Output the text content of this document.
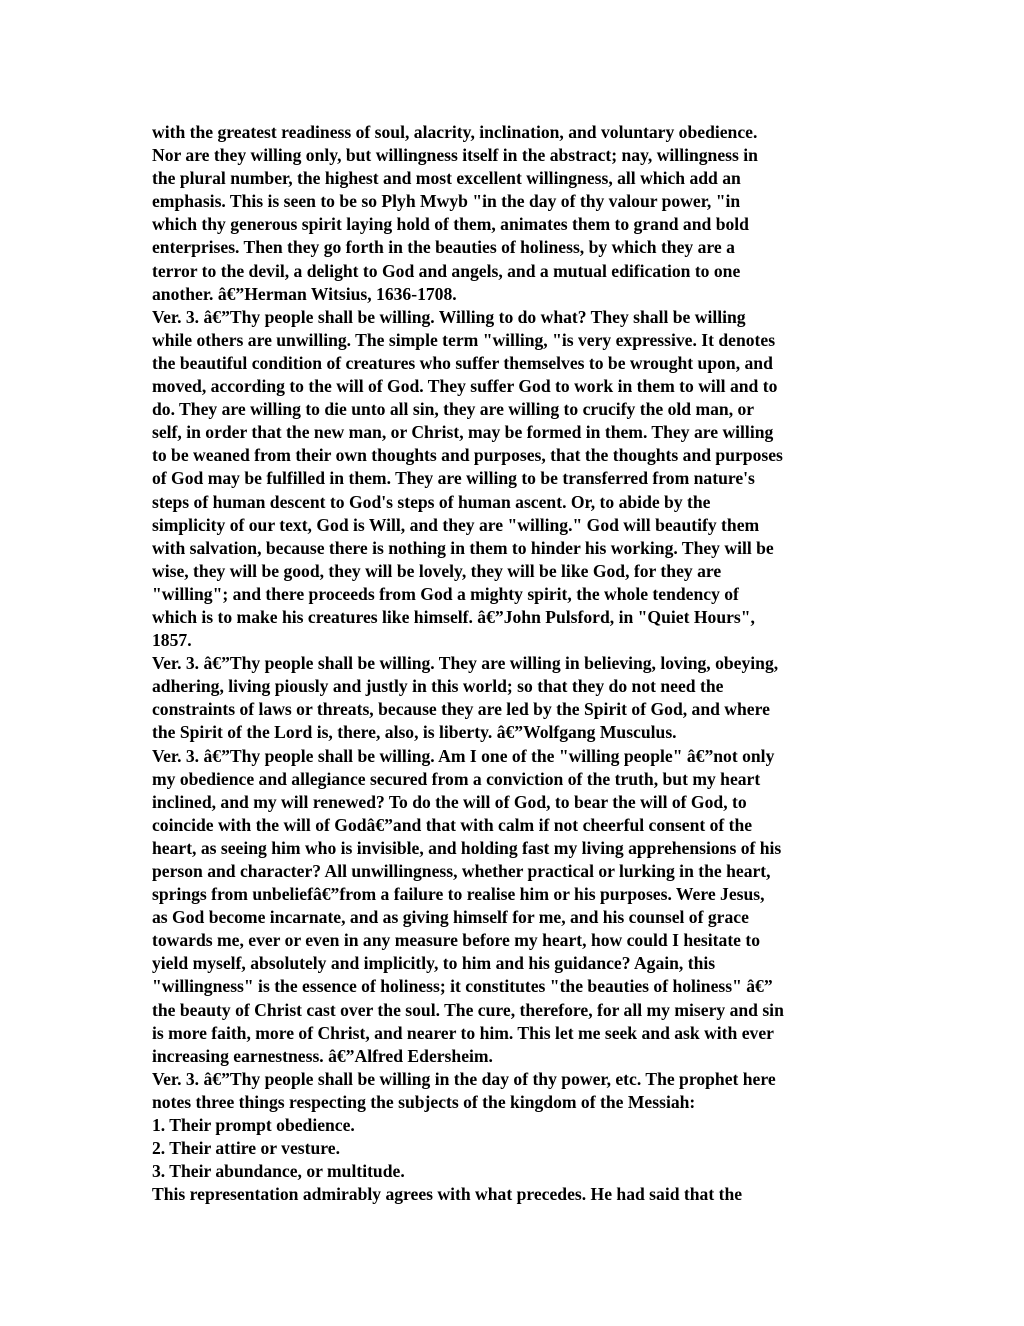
with the greatest readiness of soul, alacrity, inclination, and voluntary obedience.
Nor are they willing only, but willingness itself in the abstract; nay, willingness in
the plural number, the highest and most excellent willingness, all which add an
emphasis. This is seen to be so Plyh Mwyb "in the day of thy valour power, "in
which thy generous spirit laying hold of them, animates them to grand and bold
enterprises. Then they go forth in the beauties of holiness, by which they are a
terror to the devil, a delight to God and angels, and a mutual edification to one
another. â€”Herman Witsius, 1636-1708.
Ver. 3. â€”Thy people shall be willing. Willing to do what? They shall be willing
while others are unwilling. The simple term "willing, "is very expressive. It denotes
the beautiful condition of creatures who suffer themselves to be wrought upon, and
moved, according to the will of God. They suffer God to work in them to will and to
do. They are willing to die unto all sin, they are willing to crucify the old man, or
self, in order that the new man, or Christ, may be formed in them. They are willing
to be weaned from their own thoughts and purposes, that the thoughts and purposes
of God may be fulfilled in them. They are willing to be transferred from nature's
steps of human descent to God's steps of human ascent. Or, to abide by the
simplicity of our text, God is Will, and they are "willing." God will beautify them
with salvation, because there is nothing in them to hinder his working. They will be
wise, they will be good, they will be lovely, they will be like God, for they are
"willing"; and there proceeds from God a mighty spirit, the whole tendency of
which is to make his creatures like himself. â€”John Pulsford, in "Quiet Hours",
1857.
Ver. 3. â€”Thy people shall be willing. They are willing in believing, loving, obeying,
adhering, living piously and justly in this world; so that they do not need the
constraints of laws or threats, because they are led by the Spirit of God, and where
the Spirit of the Lord is, there, also, is liberty. â€”Wolfgang Musculus.
Ver. 3. â€”Thy people shall be willing. Am I one of the "willing people" â€”not only
my obedience and allegiance secured from a conviction of the truth, but my heart
inclined, and my will renewed? To do the will of God, to bear the will of God, to
coincide with the will of Godâ€”and that with calm if not cheerful consent of the
heart, as seeing him who is invisible, and holding fast my living apprehensions of his
person and character? All unwillingness, whether practical or lurking in the heart,
springs from unbeliefâ€”from a failure to realise him or his purposes. Were Jesus,
as God become incarnate, and as giving himself for me, and his counsel of grace
towards me, ever or even in any measure before my heart, how could I hesitate to
yield myself, absolutely and implicitly, to him and his guidance? Again, this
"willingness" is the essence of holiness; it constitutes "the beauties of holiness" â€”
the beauty of Christ cast over the soul. The cure, therefore, for all my misery and sin
is more faith, more of Christ, and nearer to him. This let me seek and ask with ever
increasing earnestness. â€”Alfred Edersheim.
Ver. 3. â€”Thy people shall be willing in the day of thy power, etc. The prophet here
notes three things respecting the subjects of the kingdom of the Messiah:
1. Their prompt obedience.
2. Their attire or vesture.
3. Their abundance, or multitude.
This representation admirably agrees with what precedes. He had said that the
